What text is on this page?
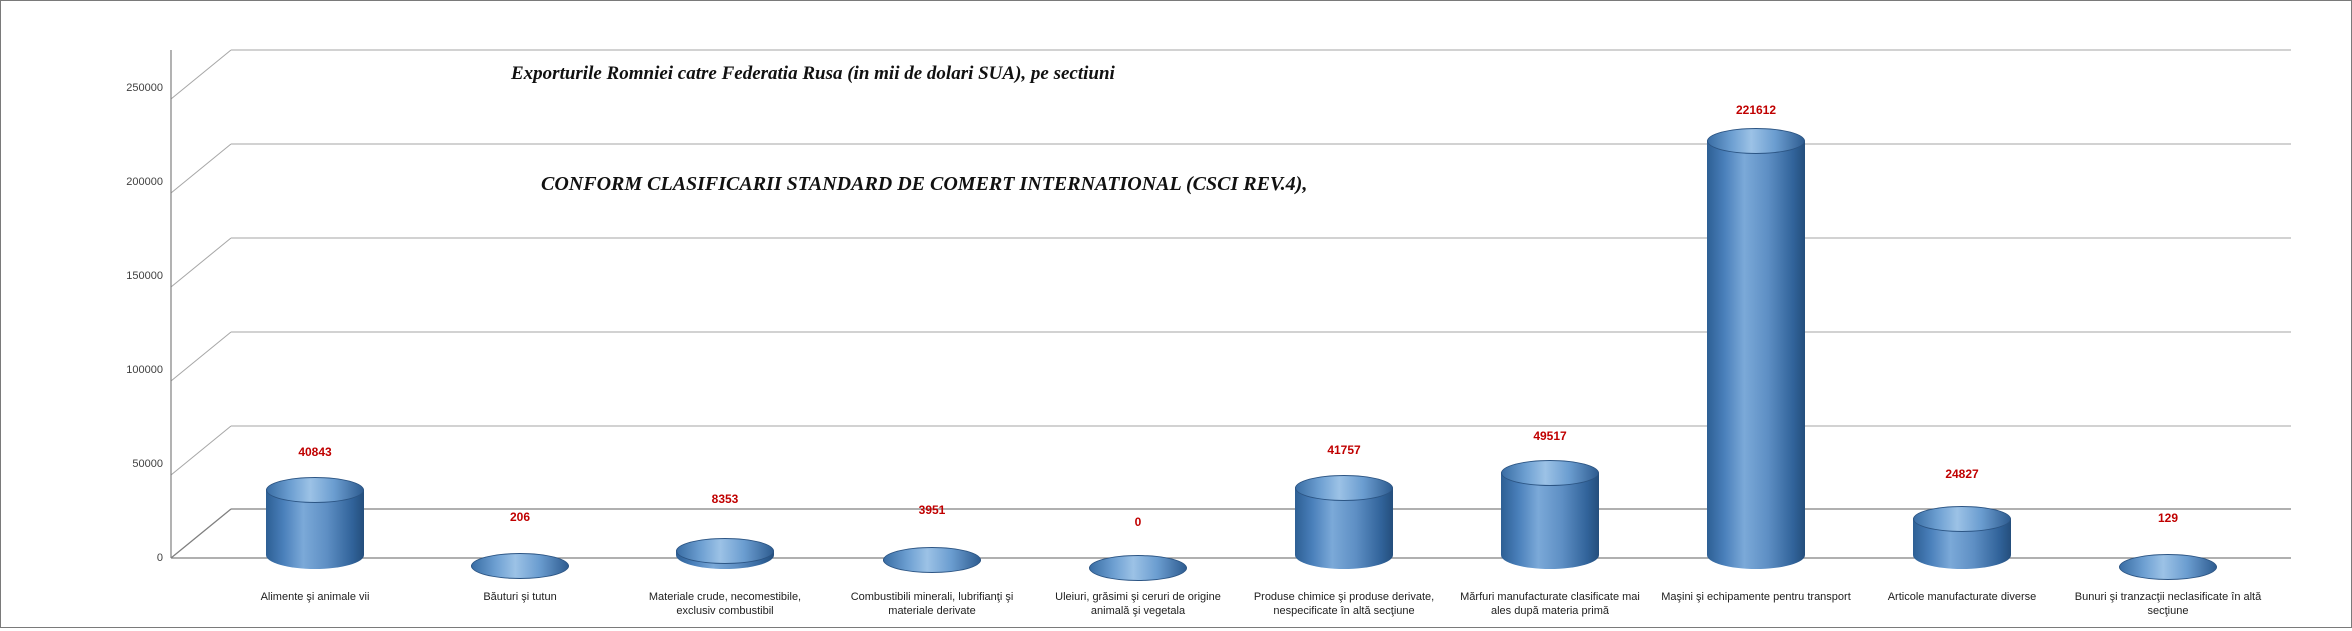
0
50000
100000
150000
200000
250000
Exporturile Romniei catre Federatia Rusa (in mii de dolari SUA), pe sectiuni
CONFORM CLASIFICARII STANDARD DE COMERT INTERNATIONAL (CSCI REV.4),
40843
206
8353
3951
0
41757
49517
221612
24827
129
Alimente şi animale vii	Băuturi şi tutun	Materiale crude, necomestibile, exclusiv combustibil
Combustibili minerali, lubrifianţi şi materiale derivate
Uleiuri, grăsimi şi ceruri de origine animală şi vegetala
Produse chimice şi produse derivate, nespecificate în altă secţiune
Mărfuri manufacturate clasificate mai ales după materia primă
Maşini şi echipamente pentru transport	Articole manufacturate diverse	Bunuri şi tranzacţii neclasificate în altă secţiune
